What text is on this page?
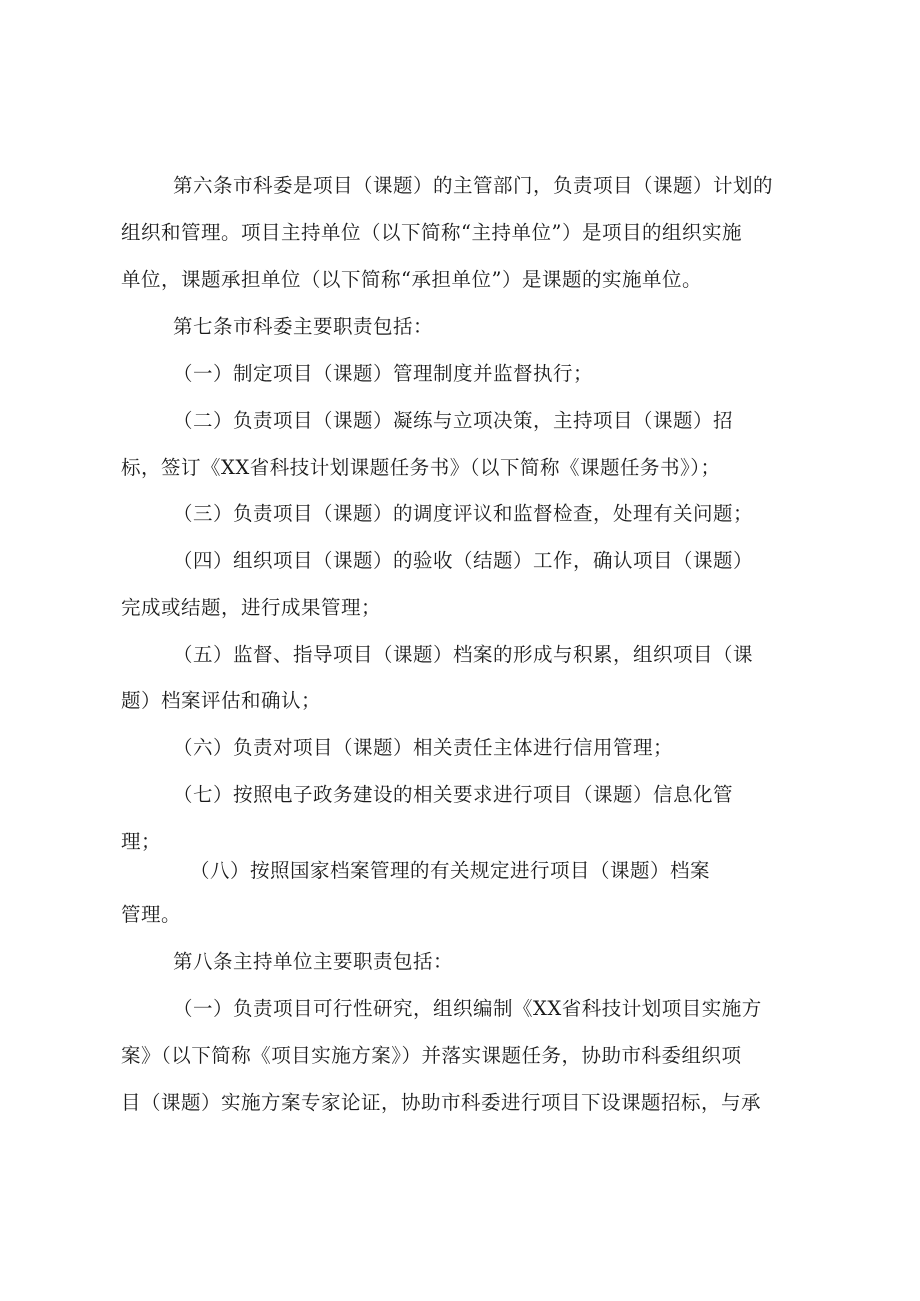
第六条市科委是项目（课题）的主管部门，负责项目（课题）计划的
组织和管理。项目主持单位（以下简称“主持单位”）是项目的组织实施
单位，课题承担单位（以下简称“承担单位”）是课题的实施单位。
第七条市科委主要职责包括：
（一）制定项目（课题）管理制度并监督执行；
（二）负责项目（课题）凝练与立项决策，主持项目（课题）招
标，签订《XX省科技计划课题任务书》（以下简称《课题任务书》）；
（三）负责项目（课题）的调度评议和监督检查，处理有关问题；
（四）组织项目（课题）的验收（结题）工作，确认项目（课题）
完成或结题，进行成果管理；
（五）监督、指导项目（课题）档案的形成与积累，组织项目（课
题）档案评估和确认；
（六）负责对项目（课题）相关责任主体进行信用管理；
（七）按照电子政务建设的相关要求进行项目（课题）信息化管
理；
（八）按照国家档案管理的有关规定进行项目（课题）档案
管理。
第八条主持单位主要职责包括：
（一）负责项目可行性研究，组织编制《XX省科技计划项目实施方
案》（以下简称《项目实施方案》）并落实课题任务，协助市科委组织项
目（课题）实施方案专家论证，协助市科委进行项目下设课题招标，与承
